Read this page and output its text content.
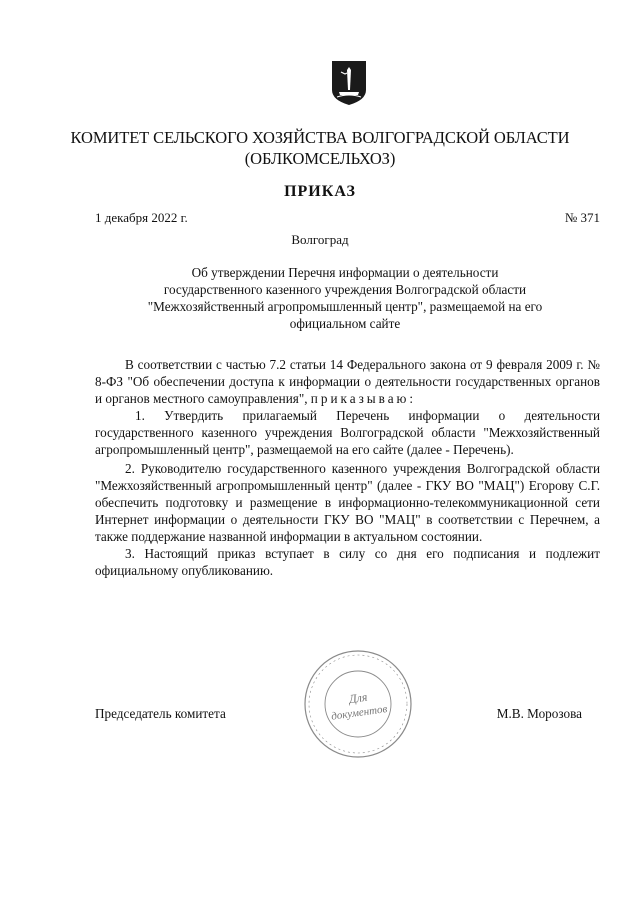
КОМИТЕТ СЕЛЬСКОГО ХОЗЯЙСТВА ВОЛГОГРАДСКОЙ ОБЛАСТИ
(ОБЛКОМСЕЛЬХОЗ)
ПРИКАЗ
1 декабря 2022 г.	№ 371
Волгоград
Об утверждении Перечня информации о деятельности
государственного казенного учреждения Волгоградской области
"Межхозяйственный агропромышленный центр", размещаемой на его
официальном сайте

В соответствии с частью 7.2 статьи 14 Федерального закона от 9 февраля 2009 г. № 8-ФЗ "Об обеспечении доступа к информации о деятельности государственных органов и органов местного самоуправления", приказываю:

1. Утвердить прилагаемый Перечень информации о деятельности государственного казенного учреждения Волгоградской области "Межхозяйственный агропромышленный центр", размещаемой на его сайте (далее - Перечень).

2. Руководителю государственного казенного учреждения Волгоградской области "Межхозяйственный агропромышленный центр" (далее - ГКУ ВО "МАЦ") Егорову С.Г. обеспечить подготовку и размещение в информационно-телекоммуникационной сети Интернет информации о деятельности ГКУ ВО "МАЦ" в соответствии с Перечнем, а также поддержание названной информации в актуальном состоянии.

3. Настоящий приказ вступает в силу со дня его подписания и подлежит официальному опубликованию.

Председатель комитета	М.В. Морозова
Для
документов
